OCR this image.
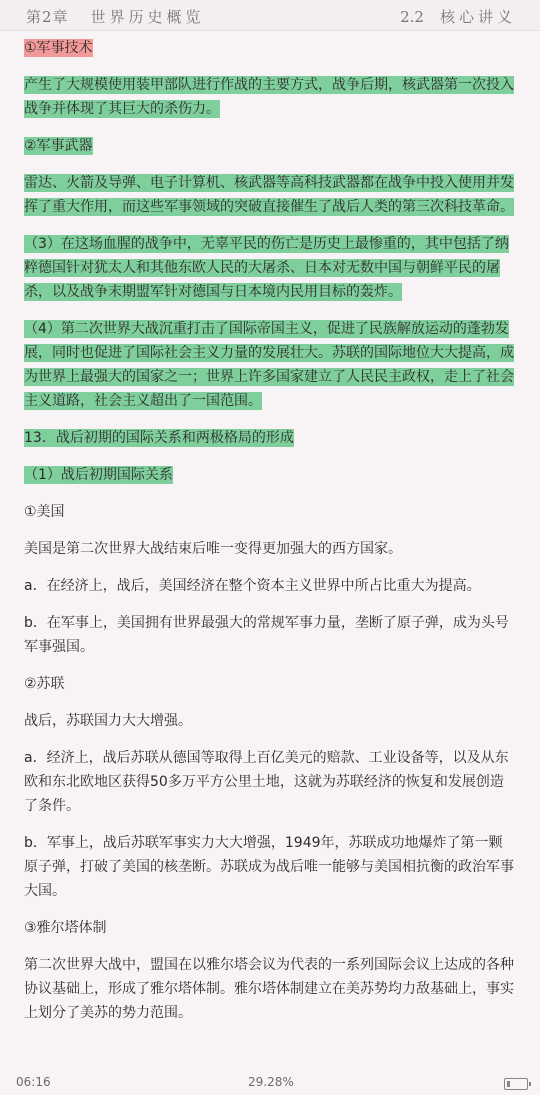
第2章 世界历史概览	2.2 核心讲义

①军事技术

产生了大规模使用装甲部队进行作战的主要方式，战争后期，核武器第一次投入战争并体现了其巨大的杀伤力。

②军事武器

雷达、火箭及导弹、电子计算机、核武器等高科技武器都在战争中投入使用并发挥了重大作用，而这些军事领域的突破直接催生了战后人类的第三次科技革命。

（3）在这场血腥的战争中，无辜平民的伤亡是历史上最惨重的，其中包括了纳粹德国针对犹太人和其他东欧人民的大屠杀、日本对无数中国与朝鲜平民的屠杀，以及战争末期盟军针对德国与日本境内民用目标的轰炸。

（4）第二次世界大战沉重打击了国际帝国主义，促进了民族解放运动的蓬勃发展，同时也促进了国际社会主义力量的发展壮大。苏联的国际地位大大提高，成为世界上最强大的国家之一；世界上许多国家建立了人民民主政权，走上了社会主义道路，社会主义超出了一国范围。

13．战后初期的国际关系和两极格局的形成

（1）战后初期国际关系

①美国

美国是第二次世界大战结束后唯一变得更加强大的西方国家。

a．在经济上，战后，美国经济在整个资本主义世界中所占比重大为提高。

b．在军事上，美国拥有世界最强大的常规军事力量，垄断了原子弹，成为头号军事强国。

②苏联

战后，苏联国力大大增强。

a．经济上，战后苏联从德国等取得上百亿美元的赔款、工业设备等，以及从东欧和东北欧地区获得50多万平方公里土地，这就为苏联经济的恢复和发展创造了条件。

b．军事上，战后苏联军事实力大大增强，1949年，苏联成功地爆炸了第一颗原子弹，打破了美国的核垄断。苏联成为战后唯一能够与美国相抗衡的政治军事大国。

③雅尔塔体制

第二次世界大战中，盟国在以雅尔塔会议为代表的一系列国际会议上达成的各种协议基础上，形成了雅尔塔体制。雅尔塔体制建立在美苏势均力敌基础上，事实上划分了美苏的势力范围。

06:16	29.28%
